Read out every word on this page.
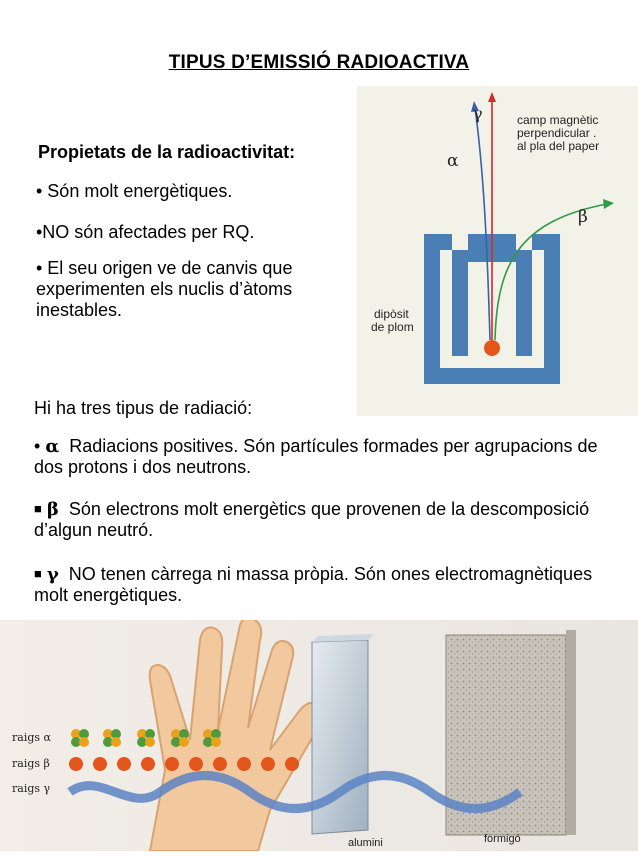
TIPUS D’EMISSIÓ RADIOACTIVA
Propietats de la radioactivitat:
• Són molt energètiques.
•NO són afectades per RQ.
• El seu origen ve de canvis que experimenten els nuclis d’àtoms inestables.
γ
α
β
camp magnètic
perpendicular .
al pla del paper
dipòsit
de plom
Hi ha tres tipus de radiació:
• α Radiacions positives. Són partícules formades per agrupacions de dos protons i dos neutrons.
■ β Són electrons molt energètics que provenen de la descomposició d’algun neutró.
■ γ NO tenen càrrega ni massa pròpia. Són ones electromagnètiques molt energètiques.
raigs α
raigs β
raigs γ
alumini	formigó
